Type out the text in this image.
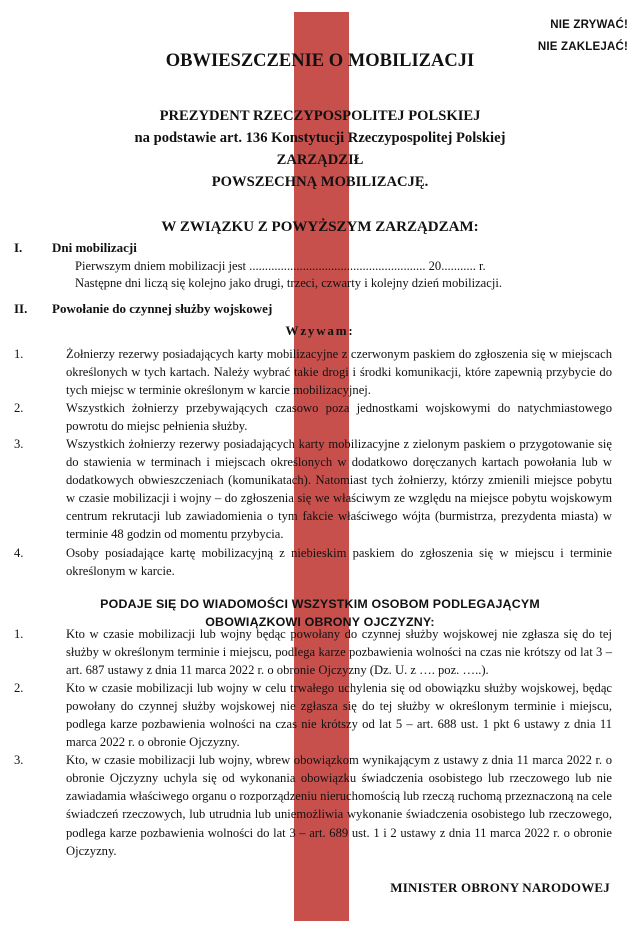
NIE ZRYWAĆ!
NIE ZAKLEJAĆ!
OBWIESZCZENIE O MOBILIZACJI
PREZYDENT RZECZYPOSPOLITEJ POLSKIEJ
na podstawie art. 136 Konstytucji Rzeczypospolitej Polskiej
ZARZĄDZIŁ
POWSZECHNĄ MOBILIZACJĘ.
W ZWIĄZKU Z POWYŻSZYM ZARZĄDZAM:
I. Dni mobilizacji
Pierwszym dniem mobilizacji jest ........................................................ 20........... r.
Następne dni liczą się kolejno jako drugi, trzeci, czwarty i kolejny dzień mobilizacji.
II. Powołanie do czynnej służby wojskowej
Wzywam:
1.	Żołnierzy rezerwy posiadających karty mobilizacyjne z czerwonym paskiem do zgłoszenia się w miejscach określonych w tych kartach. Należy wybrać takie drogi i środki komunikacji, które zapewnią przybycie do tych miejsc w terminie określonym w karcie mobilizacyjnej.
2.	Wszystkich żołnierzy przebywających czasowo poza jednostkami wojskowymi do natychmiastowego powrotu do miejsc pełnienia służby.
3.	Wszystkich żołnierzy rezerwy posiadających karty mobilizacyjne z zielonym paskiem o przygotowanie się do stawienia w terminach i miejscach określonych w dodatkowo doręczanych kartach powołania lub w dodatkowych obwieszczeniach (komunikatach). Natomiast tych żołnierzy, którzy zmienili miejsce pobytu w czasie mobilizacji i wojny – do zgłoszenia się we właściwym ze względu na miejsce pobytu wojskowym centrum rekrutacji lub zawiadomienia o tym fakcie właściwego wójta (burmistrza, prezydenta miasta) w terminie 48 godzin od momentu przybycia.
4.	Osoby posiadające kartę mobilizacyjną z niebieskim paskiem do zgłoszenia się w miejscu i terminie określonym w karcie.
PODAJE SIĘ DO WIADOMOŚCI WSZYSTKIM OSOBOM PODLEGAJĄCYM
OBOWIĄZKOWI OBRONY OJCZYZNY:
1.	Kto w czasie mobilizacji lub wojny będąc powołany do czynnej służby wojskowej nie zgłasza się do tej służby w określonym terminie i miejscu, podlega karze pozbawienia wolności na czas nie krótszy od lat 3 – art. 687 ustawy z dnia 11 marca 2022 r. o obronie Ojczyzny (Dz. U. z …. poz. …..).
2.	Kto w czasie mobilizacji lub wojny w celu trwałego uchylenia się od obowiązku służby wojskowej, będąc powołany do czynnej służby wojskowej nie zgłasza się do tej służby w określonym terminie i miejscu, podlega karze pozbawienia wolności na czas nie krótszy od lat 5 – art. 688 ust. 1 pkt 6 ustawy z dnia 11 marca 2022 r. o obronie Ojczyzny.
3.	Kto, w czasie mobilizacji lub wojny, wbrew obowiązkom wynikającym z ustawy z dnia 11 marca 2022 r. o obronie Ojczyzny uchyla się od wykonania obowiązku świadczenia osobistego lub rzeczowego lub nie zawiadamia właściwego organu o rozporządzeniu nieruchomością lub rzeczą ruchomą przeznaczoną na cele świadczeń rzeczowych, lub utrudnia lub uniemożliwia wykonanie świadczenia osobistego lub rzeczowego, podlega karze pozbawienia wolności do lat 3 – art. 689 ust. 1 i 2 ustawy z dnia 11 marca 2022 r. o obronie Ojczyzny.
MINISTER OBRONY NARODOWEJ
